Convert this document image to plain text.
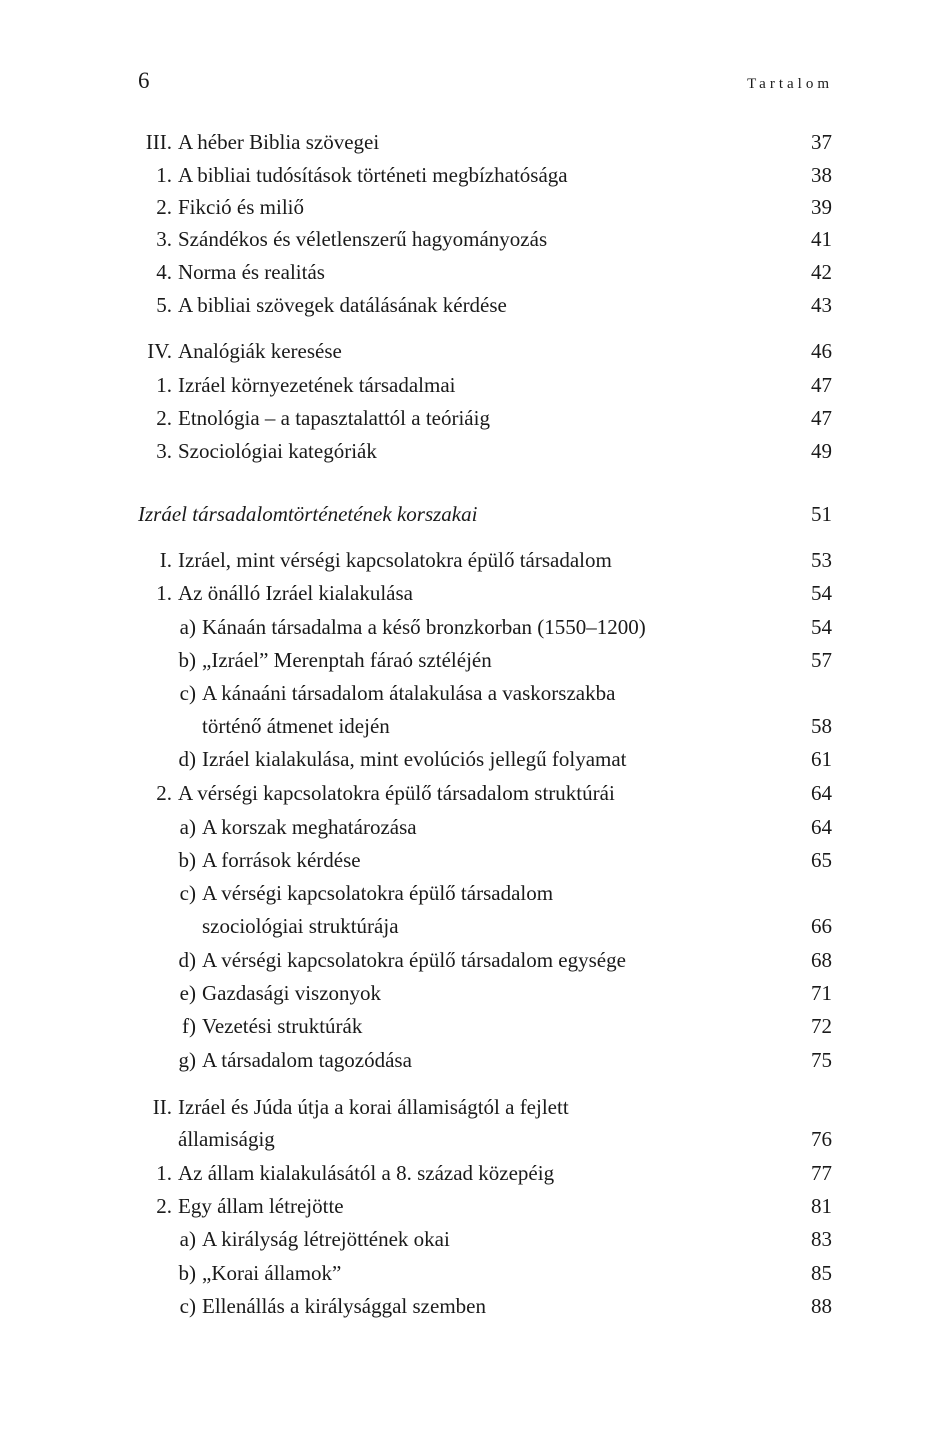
6	Tartalom
III. A héber Biblia szövegei	37
1. A bibliai tudósítások történeti megbízhatósága	38
2. Fikció és miliő	39
3. Szándékos és véletlenszerű hagyományozás	41
4. Norma és realitás	42
5. A bibliai szövegek datálásának kérdése	43
IV. Analógiák keresése	46
1. Izráel környezetének társadalmai	47
2. Etnológia – a tapasztalattól a teóriáig	47
3. Szociológiai kategóriák	49
Izráel társadalomtörténetének korszakai	51
I. Izráel, mint vérségi kapcsolatokra épülő társadalom	53
1. Az önálló Izráel kialakulása	54
a) Kánaán társadalma a késő bronzkorban (1550–1200)	54
b) „Izráel” Merenptah fáraó sztéléjén	57
c) A kánaáni társadalom átalakulása a vaskorszakba
történő átmenet idején	58
d) Izráel kialakulása, mint evolúciós jellegű folyamat	61
2. A vérségi kapcsolatokra épülő társadalom struktúrái	64
a) A korszak meghatározása	64
b) A források kérdése	65
c) A vérségi kapcsolatokra épülő társadalom
szociológiai struktúrája	66
d) A vérségi kapcsolatokra épülő társadalom egysége	68
e) Gazdasági viszonyok	71
f) Vezetési struktúrák	72
g) A társadalom tagozódása	75
II. Izráel és Júda útja a korai államiságtól a fejlett
államiságig	76
1. Az állam kialakulásától a 8. század közepéig	77
2. Egy állam létrejötte	81
a) A királyság létrejöttének okai	83
b) „Korai államok”	85
c) Ellenállás a királysággal szemben	88
